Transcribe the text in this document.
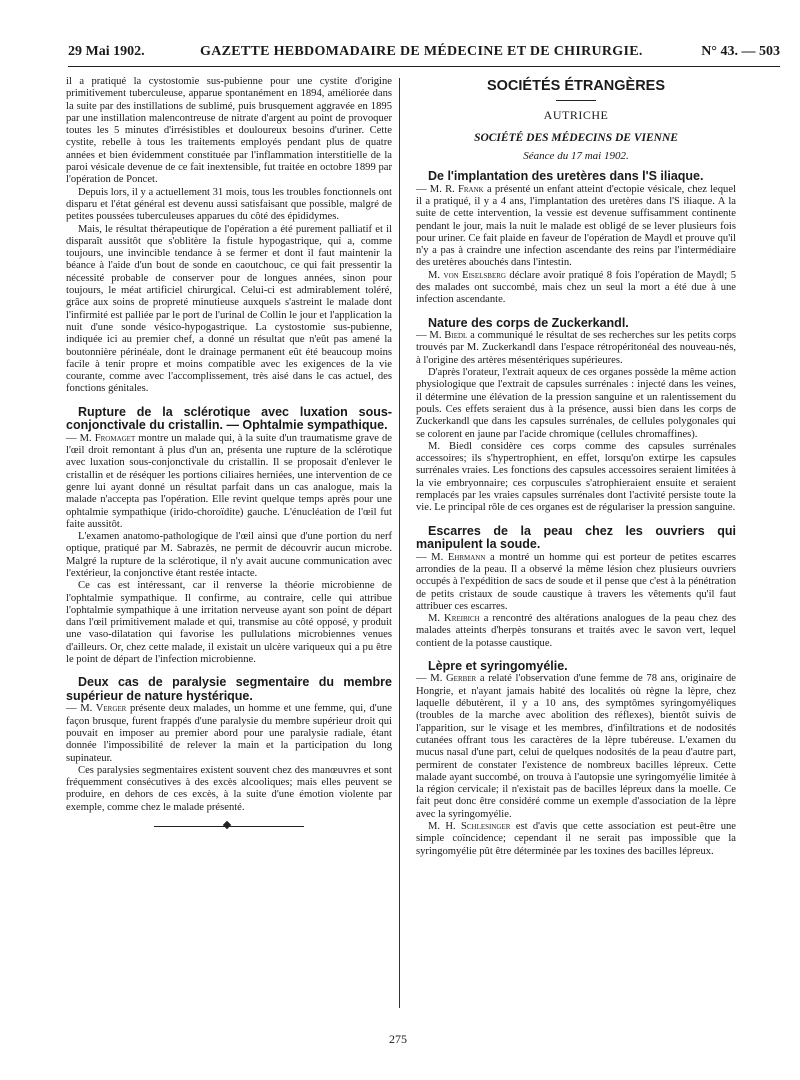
29 Mai 1902.	GAZETTE HEBDOMADAIRE DE MÉDECINE ET DE CHIRURGIE.	N° 43. — 503

il a pratiqué la cystostomie sus-pubienne pour une cystite d'origine primitivement tuberculeuse, apparue spontanément en 1894, améliorée dans la suite par des instillations de sublimé, puis brusquement aggravée en 1895 par une instillation malencontreuse de nitrate d'argent au point de provoquer toutes les 5 minutes d'irrésistibles et douloureux besoins d'uriner. Cette cystite, rebelle à tous les traitements employés pendant plus de quatre années et bien évidemment constituée par l'inflammation interstitielle de la paroi vésicale devenue de ce fait inextensible, fut traitée en octobre 1899 par l'opération de Poncet.

Depuis lors, il y a actuellement 31 mois, tous les troubles fonctionnels ont disparu et l'état général est devenu aussi satisfaisant que possible, malgré de petites poussées tuberculeuses apparues du côté des épididymes.

Mais, le résultat thérapeutique de l'opération a été purement palliatif et il disparaît aussitôt que s'oblitère la fistule hypogastrique, qui a, comme toujours, une invincible tendance à se fermer et dont il faut maintenir la béance à l'aide d'un bout de sonde en caoutchouc, ce qui fait pressentir la nécessité probable de conserver pour de longues années, sinon pour toujours, le méat artificiel chirurgical. Celui-ci est admirablement toléré, grâce aux soins de propreté minutieuse auxquels s'astreint le malade dont l'infirmité est palliée par le port de l'urinal de Collin le jour et l'application la nuit d'une sonde vésico-hypogastrique. La cystostomie sus-pubienne, indiquée ici au premier chef, a donné un résultat que n'eût pas amené la boutonnière périnéale, dont le drainage permanent eût été beaucoup moins facile à tenir propre et moins compatible avec les exigences de la vie courante, comme avec l'accomplissement, très aisé dans le cas actuel, des fonctions génitales.

Rupture de la sclérotique avec luxation sous-conjonctivale du cristallin. — Ophtalmie sympathique.

— M. Fromaget montre un malade qui, à la suite d'un traumatisme grave de l'œil droit remontant à plus d'un an, présenta une rupture de la sclérotique avec luxation sous-conjonctivale du cristallin. Il se proposait d'enlever le cristallin et de réséquer les portions ciliaires herniées, une intervention de ce genre lui ayant donné un résultat parfait dans un cas analogue, mais la malade n'accepta pas l'opération. Elle revint quelque temps après pour une ophtalmie sympathique (irido-choroïdite) gauche. L'énucléation de l'œil fut faite aussitôt.

L'examen anatomo-pathologique de l'œil ainsi que d'une portion du nerf optique, pratiqué par M. Sabrazès, ne permit de découvrir aucun microbe. Malgré la rupture de la sclérotique, il n'y avait aucune communication avec l'extérieur, la conjonctive étant restée intacte.

Ce cas est intéressant, car il renverse la théorie microbienne de l'ophtalmie sympathique. Il confirme, au contraire, celle qui attribue l'ophtalmie sympathique à une irritation nerveuse ayant son point de départ dans l'œil primitivement malade et qui, transmise au côté opposé, y produit une vaso-dilatation qui favorise les pullulations microbiennes venues d'ailleurs. Or, chez cette malade, il existait un ulcère variqueux qui a pu être le point de départ de l'infection microbienne.

Deux cas de paralysie segmentaire du membre supérieur de nature hystérique.

— M. Verger présente deux malades, un homme et une femme, qui, d'une façon brusque, furent frappés d'une paralysie du membre supérieur droit qui pouvait en imposer au premier abord pour une paralysie radiale, étant donnée l'impossibilité de relever la main et la participation du long supinateur.

Ces paralysies segmentaires existent souvent chez des manœuvres et sont fréquemment consécutives à des excès alcooliques; mais elles peuvent se produire, en dehors de ces excès, à la suite d'une émotion violente par exemple, comme chez le malade présenté.

SOCIÉTÉS ÉTRANGÈRES
AUTRICHE
SOCIÉTÉ DES MÉDECINS DE VIENNE
Séance du 17 mai 1902.
De l'implantation des uretères dans l'S iliaque.

— M. R. Frank a présenté un enfant atteint d'ectopie vésicale, chez lequel il a pratiqué, il y a 4 ans, l'implantation des uretères dans l'S iliaque. A la suite de cette intervention, la vessie est devenue suffisamment continente pendant le jour, mais la nuit le malade est obligé de se lever plusieurs fois pour uriner. Ce fait plaide en faveur de l'opération de Maydl et prouve qu'il n'y a pas à craindre une infection ascendante des reins par l'intermédiaire des uretères abouchés dans l'intestin.

M. von Eiselsberg déclare avoir pratiqué 8 fois l'opération de Maydl; 5 des malades ont succombé, mais chez un seul la mort a été due à une infection ascendante.

Nature des corps de Zuckerkandl.

— M. Biedl a communiqué le résultat de ses recherches sur les petits corps trouvés par M. Zuckerkandl dans l'espace rétropéritonéal des nouveau-nés, à l'origine des artères mésentériques supérieures.

D'après l'orateur, l'extrait aqueux de ces organes possède la même action physiologique que l'extrait de capsules surrénales : injecté dans les veines, il détermine une élévation de la pression sanguine et un ralentissement du pouls. Ces effets seraient dus à la présence, aussi bien dans les corps de Zuckerkandl que dans les capsules surrénales, de cellules polygonales qui se colorent en jaune par l'acide chromique (cellules chromaffines).

M. Biedl considère ces corps comme des capsules surrénales accessoires; ils s'hypertrophient, en effet, lorsqu'on extirpe les capsules surrénales vraies. Les fonctions des capsules accessoires seraient limitées à la vie embryonnaire; ces corpuscules s'atrophieraient ensuite et seraient remplacés par les vraies capsules surrénales dont l'activité persiste toute la vie. Le principal rôle de ces organes est de régulariser la pression sanguine.

Escarres de la peau chez les ouvriers qui manipulent la soude.

— M. Ehrmann a montré un homme qui est porteur de petites escarres arrondies de la peau. Il a observé la même lésion chez plusieurs ouvriers occupés à l'expédition de sacs de soude et il pense que c'est à la pénétration de petits cristaux de soude caustique à travers les vêtements qu'il faut attribuer ces escarres.

M. Kreibich a rencontré des altérations analogues de la peau chez des malades atteints d'herpès tonsurans et traités avec le savon vert, lequel contient de la potasse caustique.

Lèpre et syringomyélie.

— M. Gerber a relaté l'observation d'une femme de 78 ans, originaire de Hongrie, et n'ayant jamais habité des localités où règne la lèpre, chez laquelle débutèrent, il y a 10 ans, des symptômes syringomyéliques (troubles de la marche avec abolition des réflexes), bientôt suivis de l'apparition, sur le visage et les membres, d'infiltrations et de nodosités cutanées offrant tous les caractères de la lèpre tubéreuse. L'examen du mucus nasal d'une part, celui de quelques nodosités de la peau d'autre part, permirent de constater l'existence de nombreux bacilles lépreux. Cette malade ayant succombé, on trouva à l'autopsie une syringomyélie limitée à la région cervicale; il n'existait pas de bacilles lépreux dans la moelle. Ce fait peut donc être considéré comme un exemple d'association de la lèpre avec la syringomyélie.

M. H. Schlesinger est d'avis que cette association est peut-être une simple coïncidence; cependant il ne serait pas impossible que la syringomyélie pût être déterminée par les toxines des bacilles lépreux.

275
